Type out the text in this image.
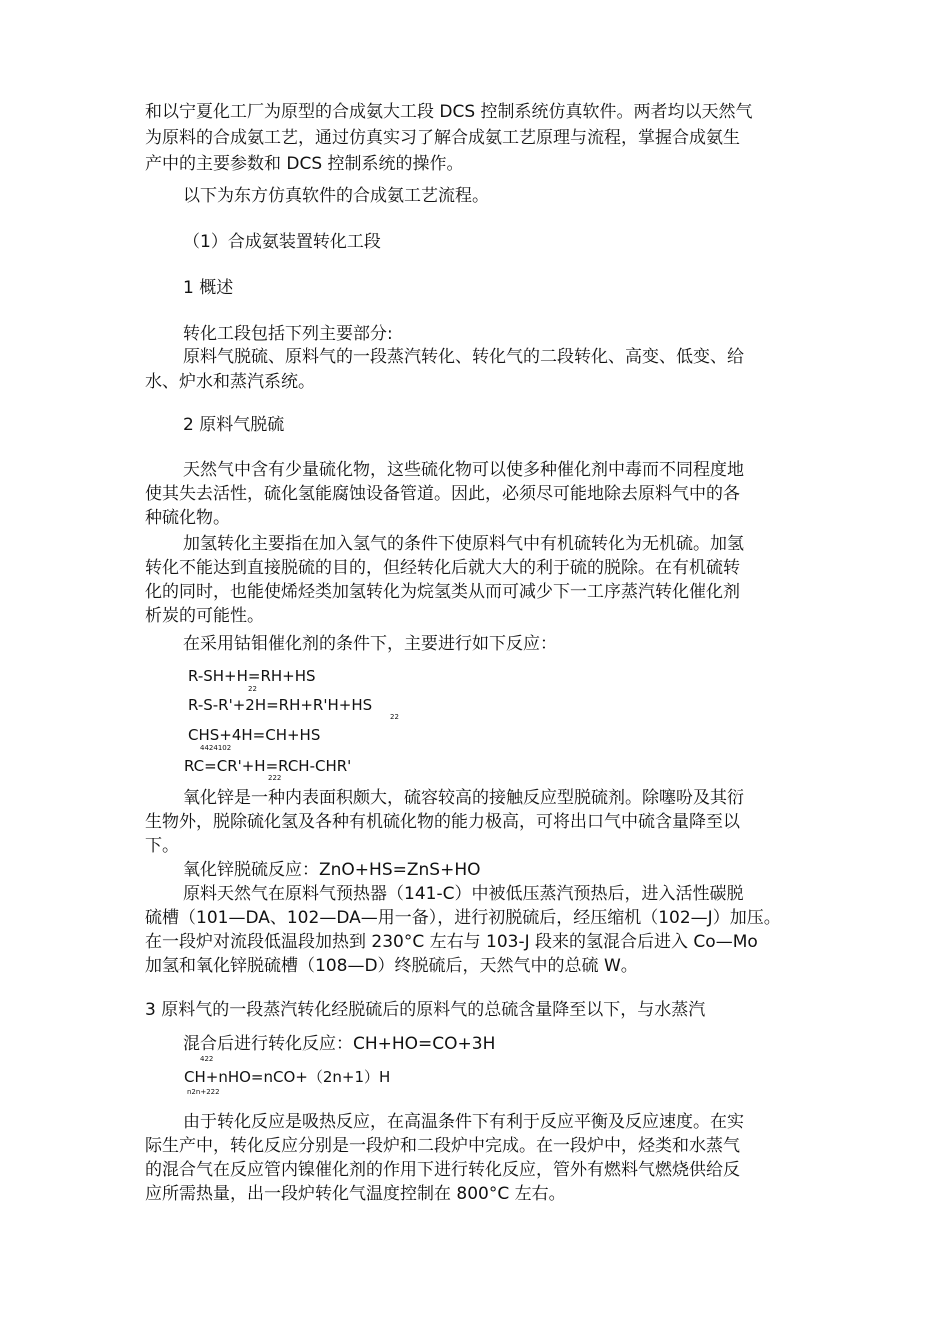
和以宁夏化工厂为原型的合成氨大工段 DCS 控制系统仿真软件。两者均以天然气

为原料的合成氨工艺，通过仿真实习了解合成氨工艺原理与流程，掌握合成氨生

产中的主要参数和 DCS 控制系统的操作。

以下为东方仿真软件的合成氨工艺流程。

（1）合成氨装置转化工段

1 概述

转化工段包括下列主要部分:

原料气脱硫、原料气的一段蒸汽转化、转化气的二段转化、高变、低变、给

水、炉水和蒸汽系统。

2 原料气脱硫

天然气中含有少量硫化物，这些硫化物可以使多种催化剂中毒而不同程度地

使其失去活性，硫化氢能腐蚀设备管道。因此，必须尽可能地除去原料气中的各

种硫化物。

加氢转化主要指在加入氢气的条件下使原料气中有机硫转化为无机硫。加氢

转化不能达到直接脱硫的目的，但经转化后就大大的利于硫的脱除。在有机硫转

化的同时，也能使烯烃类加氢转化为烷氢类从而可减少下一工序蒸汽转化催化剂

析炭的可能性。

在采用钴钼催化剂的条件下，主要进行如下反应：

R-SH+H=RH+HS
22
R-S-R'+2H=RH+R'H+HS
22
CHS+4H=CH+HS
4424102
RC=CR'+H=RCH-CHR'
222

氧化锌是一种内表面积颇大，硫容较高的接触反应型脱硫剂。除噻吩及其衍

生物外，脱除硫化氢及各种有机硫化物的能力极高，可将出口气中硫含量降至以

下。

氧化锌脱硫反应：ZnO+HS=ZnS+HO

原料天然气在原料气预热器（141-C）中被低压蒸汽预热后，进入活性碳脱

硫槽（101—DA、102—DA—用一备），进行初脱硫后，经压缩机（102—J）加压。

在一段炉对流段低温段加热到 230°C 左右与 103-J 段来的氢混合后进入 Co—Mo

加氢和氧化锌脱硫槽（108—D）终脱硫后，天然气中的总硫 W。

3 原料气的一段蒸汽转化经脱硫后的原料气的总硫含量降至以下，与水蒸汽

混合后进行转化反应：CH+HO=CO+3H

422
CH+nHO=nCO+（2n+1）H
n2n+222

由于转化反应是吸热反应，在高温条件下有利于反应平衡及反应速度。在实

际生产中，转化反应分别是一段炉和二段炉中完成。在一段炉中，烃类和水蒸气

的混合气在反应管内镍催化剂的作用下进行转化反应，管外有燃料气燃烧供给反

应所需热量，出一段炉转化气温度控制在 800°C 左右。
